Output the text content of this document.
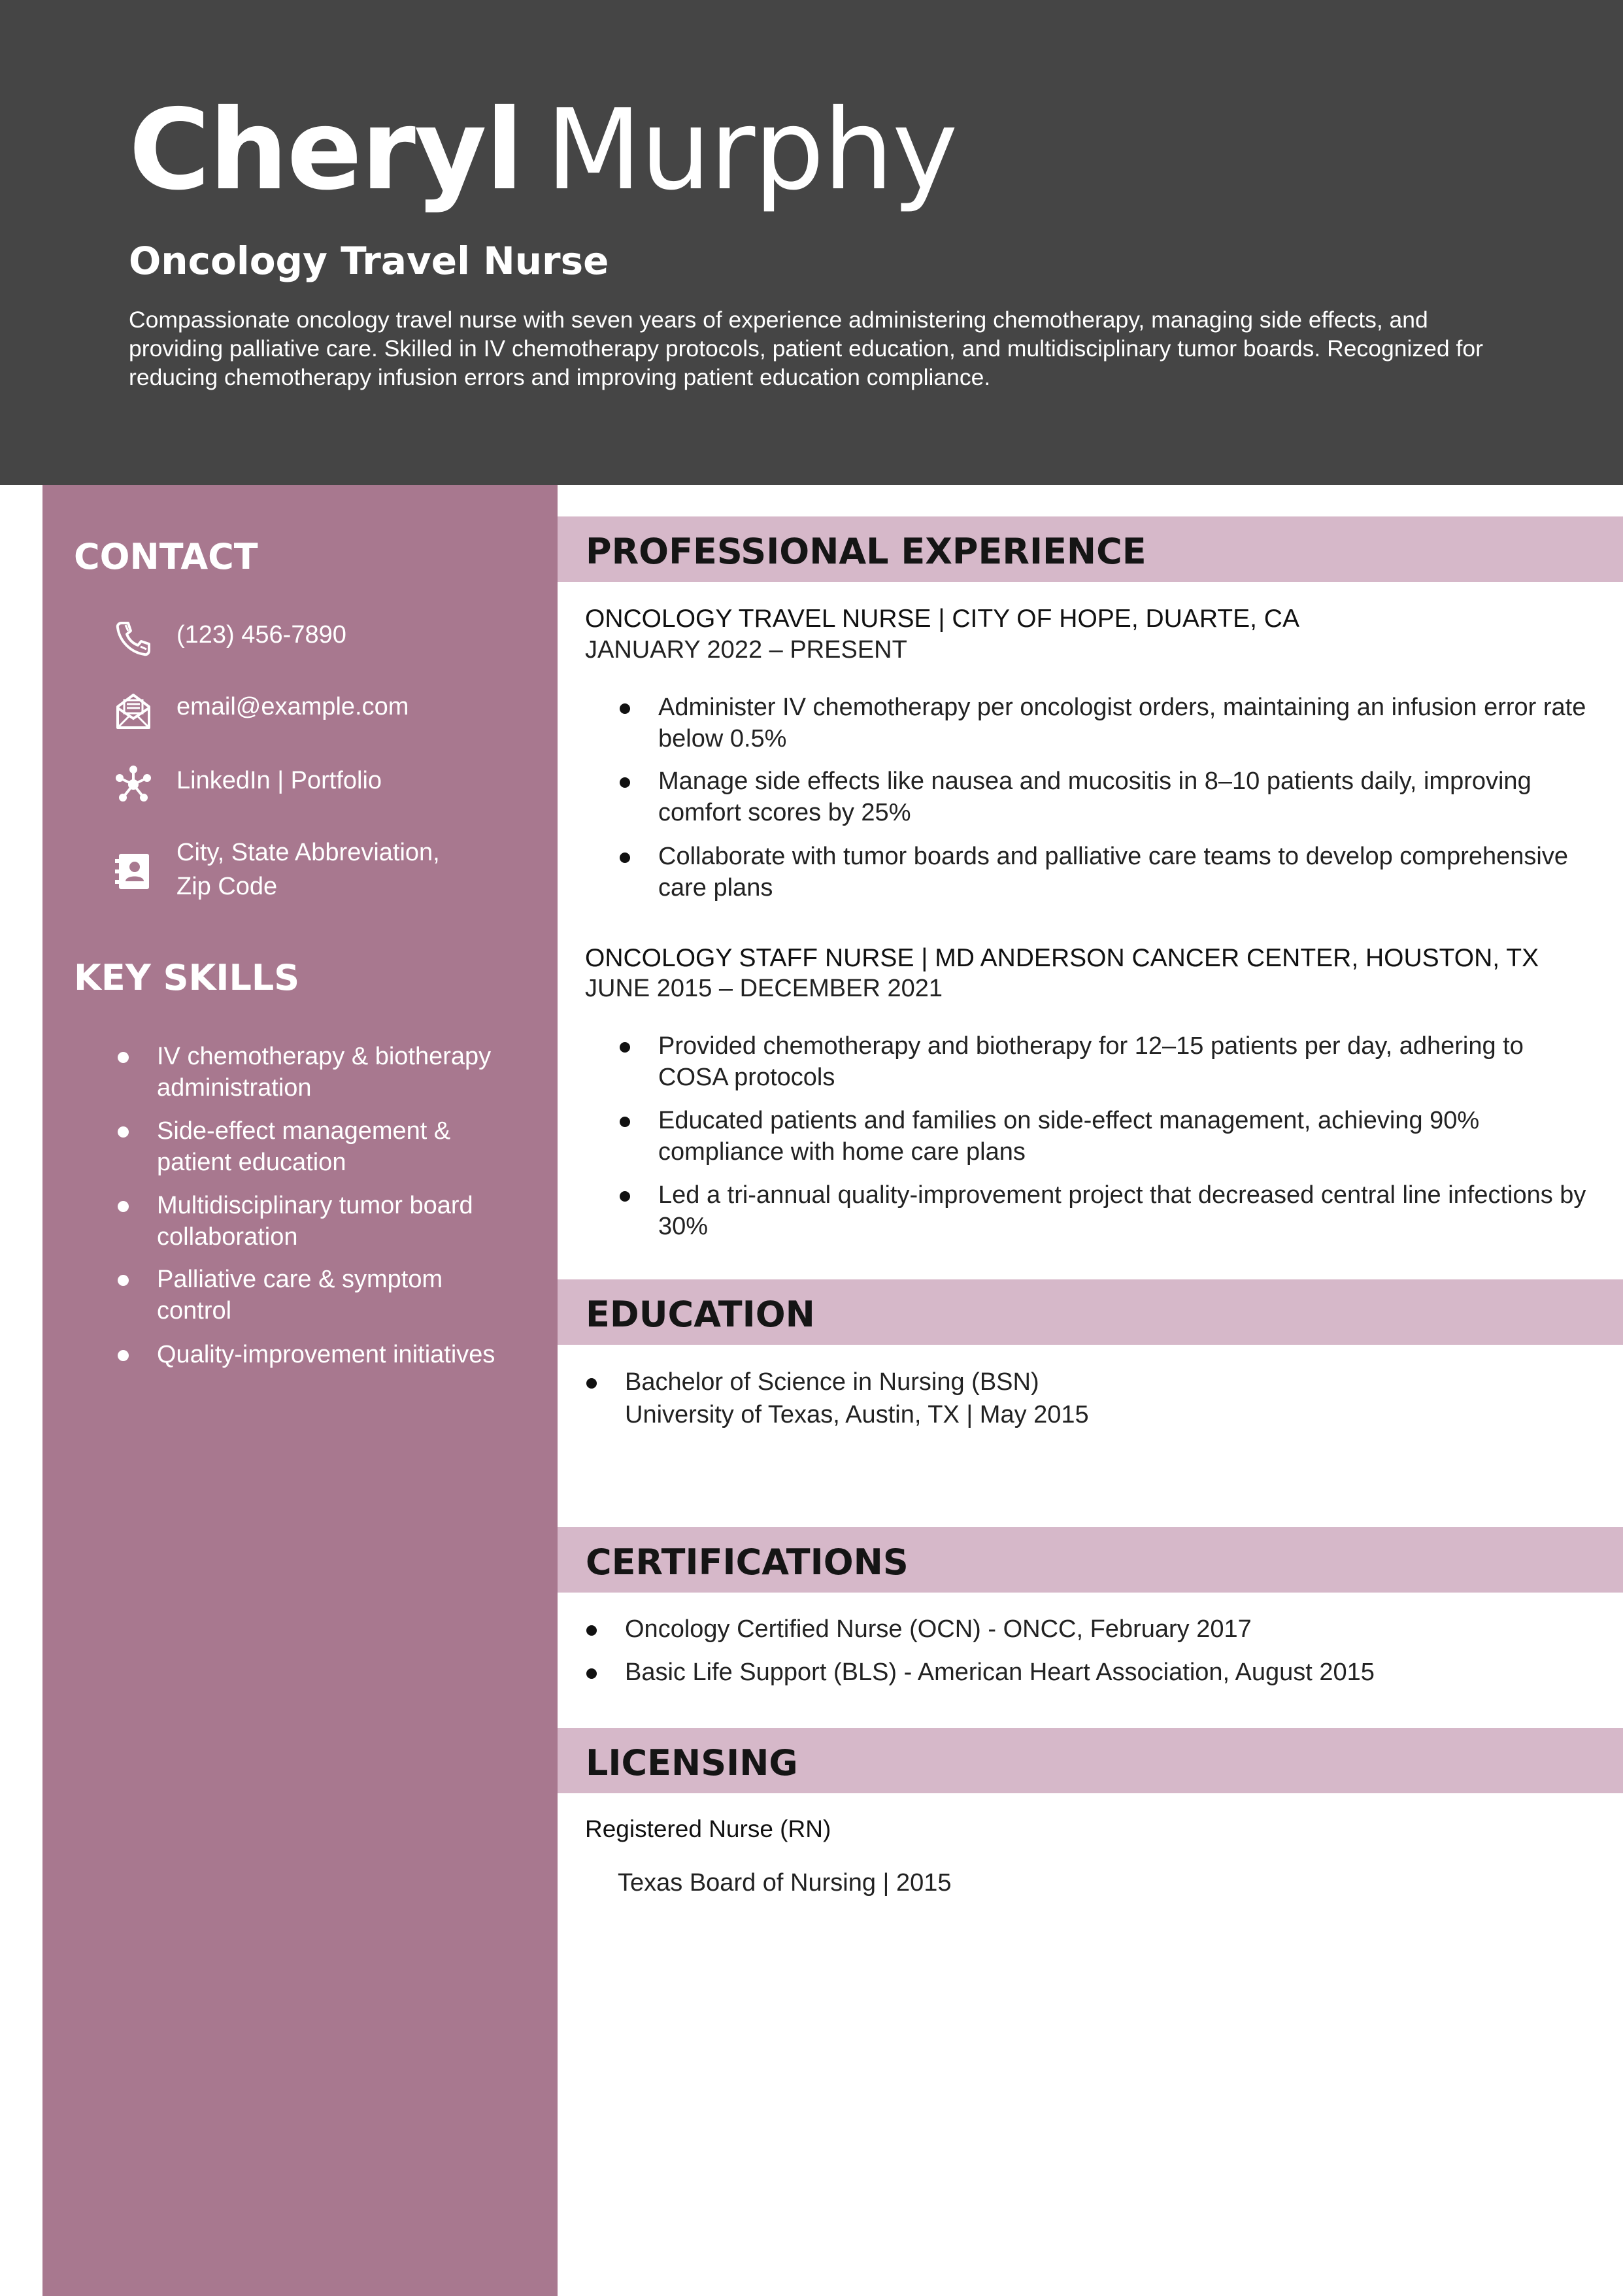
Cheryl Murphy
Oncology Travel Nurse
Compassionate oncology travel nurse with seven years of experience administering chemotherapy, managing side effects, and providing palliative care. Skilled in IV chemotherapy protocols, patient education, and multidisciplinary tumor boards. Recognized for reducing chemotherapy infusion errors and improving patient education compliance.
CONTACT
(123) 456-7890
email@example.com
LinkedIn | Portfolio
City, State Abbreviation,
Zip Code
KEY SKILLS
IV chemotherapy & biotherapy administration
Side-effect management & patient education
Multidisciplinary tumor board collaboration
Palliative care & symptom control
Quality-improvement initiatives
PROFESSIONAL EXPERIENCE
ONCOLOGY TRAVEL NURSE | CITY OF HOPE, DUARTE, CA
JANUARY 2022 – PRESENT
Administer IV chemotherapy per oncologist orders, maintaining an infusion error rate below 0.5%
Manage side effects like nausea and mucositis in 8–10 patients daily, improving comfort scores by 25%
Collaborate with tumor boards and palliative care teams to develop comprehensive care plans
ONCOLOGY STAFF NURSE | MD ANDERSON CANCER CENTER, HOUSTON, TX
JUNE 2015 – DECEMBER 2021
Provided chemotherapy and biotherapy for 12–15 patients per day, adhering to COSA protocols
Educated patients and families on side-effect management, achieving 90% compliance with home care plans
Led a tri-annual quality-improvement project that decreased central line infections by 30%
EDUCATION
Bachelor of Science in Nursing (BSN)
University of Texas, Austin, TX | May 2015
CERTIFICATIONS
Oncology Certified Nurse (OCN) - ONCC, February 2017
Basic Life Support (BLS) - American Heart Association, August 2015
LICENSING
Registered Nurse (RN)
Texas Board of Nursing | 2015
